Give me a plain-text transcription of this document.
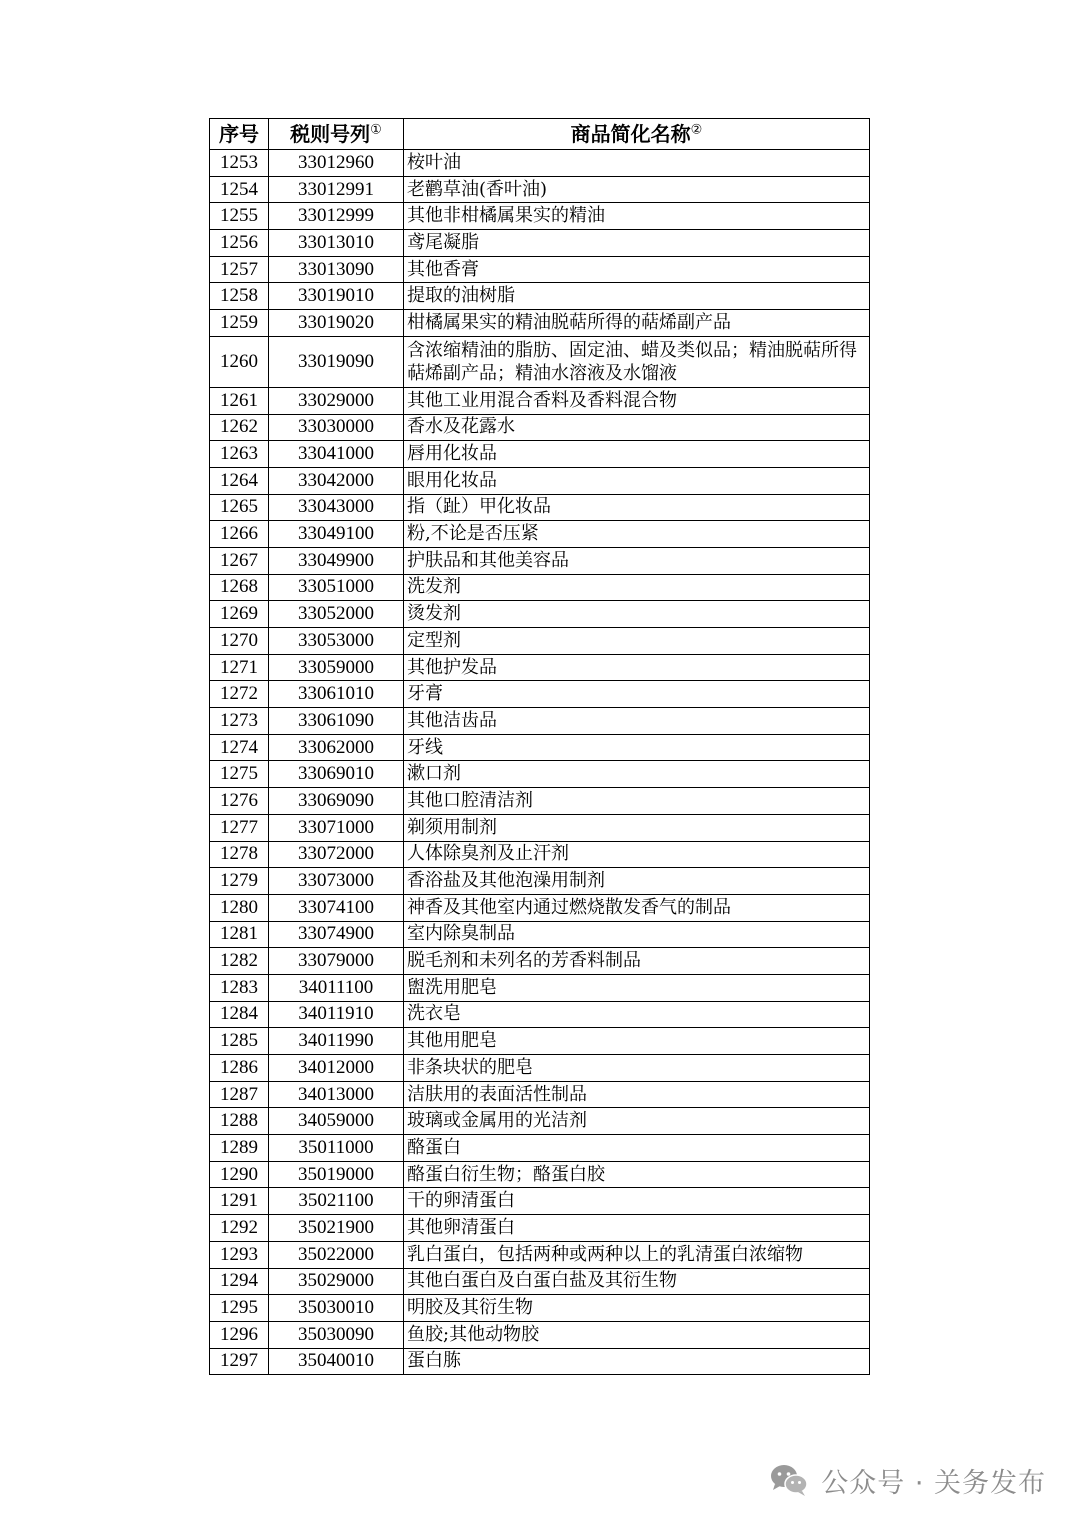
序号	税则号列①	商品简化名称②
1253	33012960	桉叶油
1254	33012991	老鹳草油(香叶油)
1255	33012999	其他非柑橘属果实的精油
1256	33013010	鸢尾凝脂
1257	33013090	其他香膏
1258	33019010	提取的油树脂
1259	33019020	柑橘属果实的精油脱萜所得的萜烯副产品
1260	33019090	含浓缩精油的脂肪、固定油、蜡及类似品；精油脱萜所得萜烯副产品；精油水溶液及水馏液
1261	33029000	其他工业用混合香料及香料混合物
1262	33030000	香水及花露水
1263	33041000	唇用化妆品
1264	33042000	眼用化妆品
1265	33043000	指（趾）甲化妆品
1266	33049100	粉,不论是否压紧
1267	33049900	护肤品和其他美容品
1268	33051000	洗发剂
1269	33052000	烫发剂
1270	33053000	定型剂
1271	33059000	其他护发品
1272	33061010	牙膏
1273	33061090	其他洁齿品
1274	33062000	牙线
1275	33069010	漱口剂
1276	33069090	其他口腔清洁剂
1277	33071000	剃须用制剂
1278	33072000	人体除臭剂及止汗剂
1279	33073000	香浴盐及其他泡澡用制剂
1280	33074100	神香及其他室内通过燃烧散发香气的制品
1281	33074900	室内除臭制品
1282	33079000	脱毛剂和未列名的芳香料制品
1283	34011100	盥洗用肥皂
1284	34011910	洗衣皂
1285	34011990	其他用肥皂
1286	34012000	非条块状的肥皂
1287	34013000	洁肤用的表面活性制品
1288	34059000	玻璃或金属用的光洁剂
1289	35011000	酪蛋白
1290	35019000	酪蛋白衍生物；酪蛋白胶
1291	35021100	干的卵清蛋白
1292	35021900	其他卵清蛋白
1293	35022000	乳白蛋白，包括两种或两种以上的乳清蛋白浓缩物
1294	35029000	其他白蛋白及白蛋白盐及其衍生物
1295	35030010	明胶及其衍生物
1296	35030090	鱼胶;其他动物胶
1297	35040010	蛋白胨
公众号 · 关务发布
